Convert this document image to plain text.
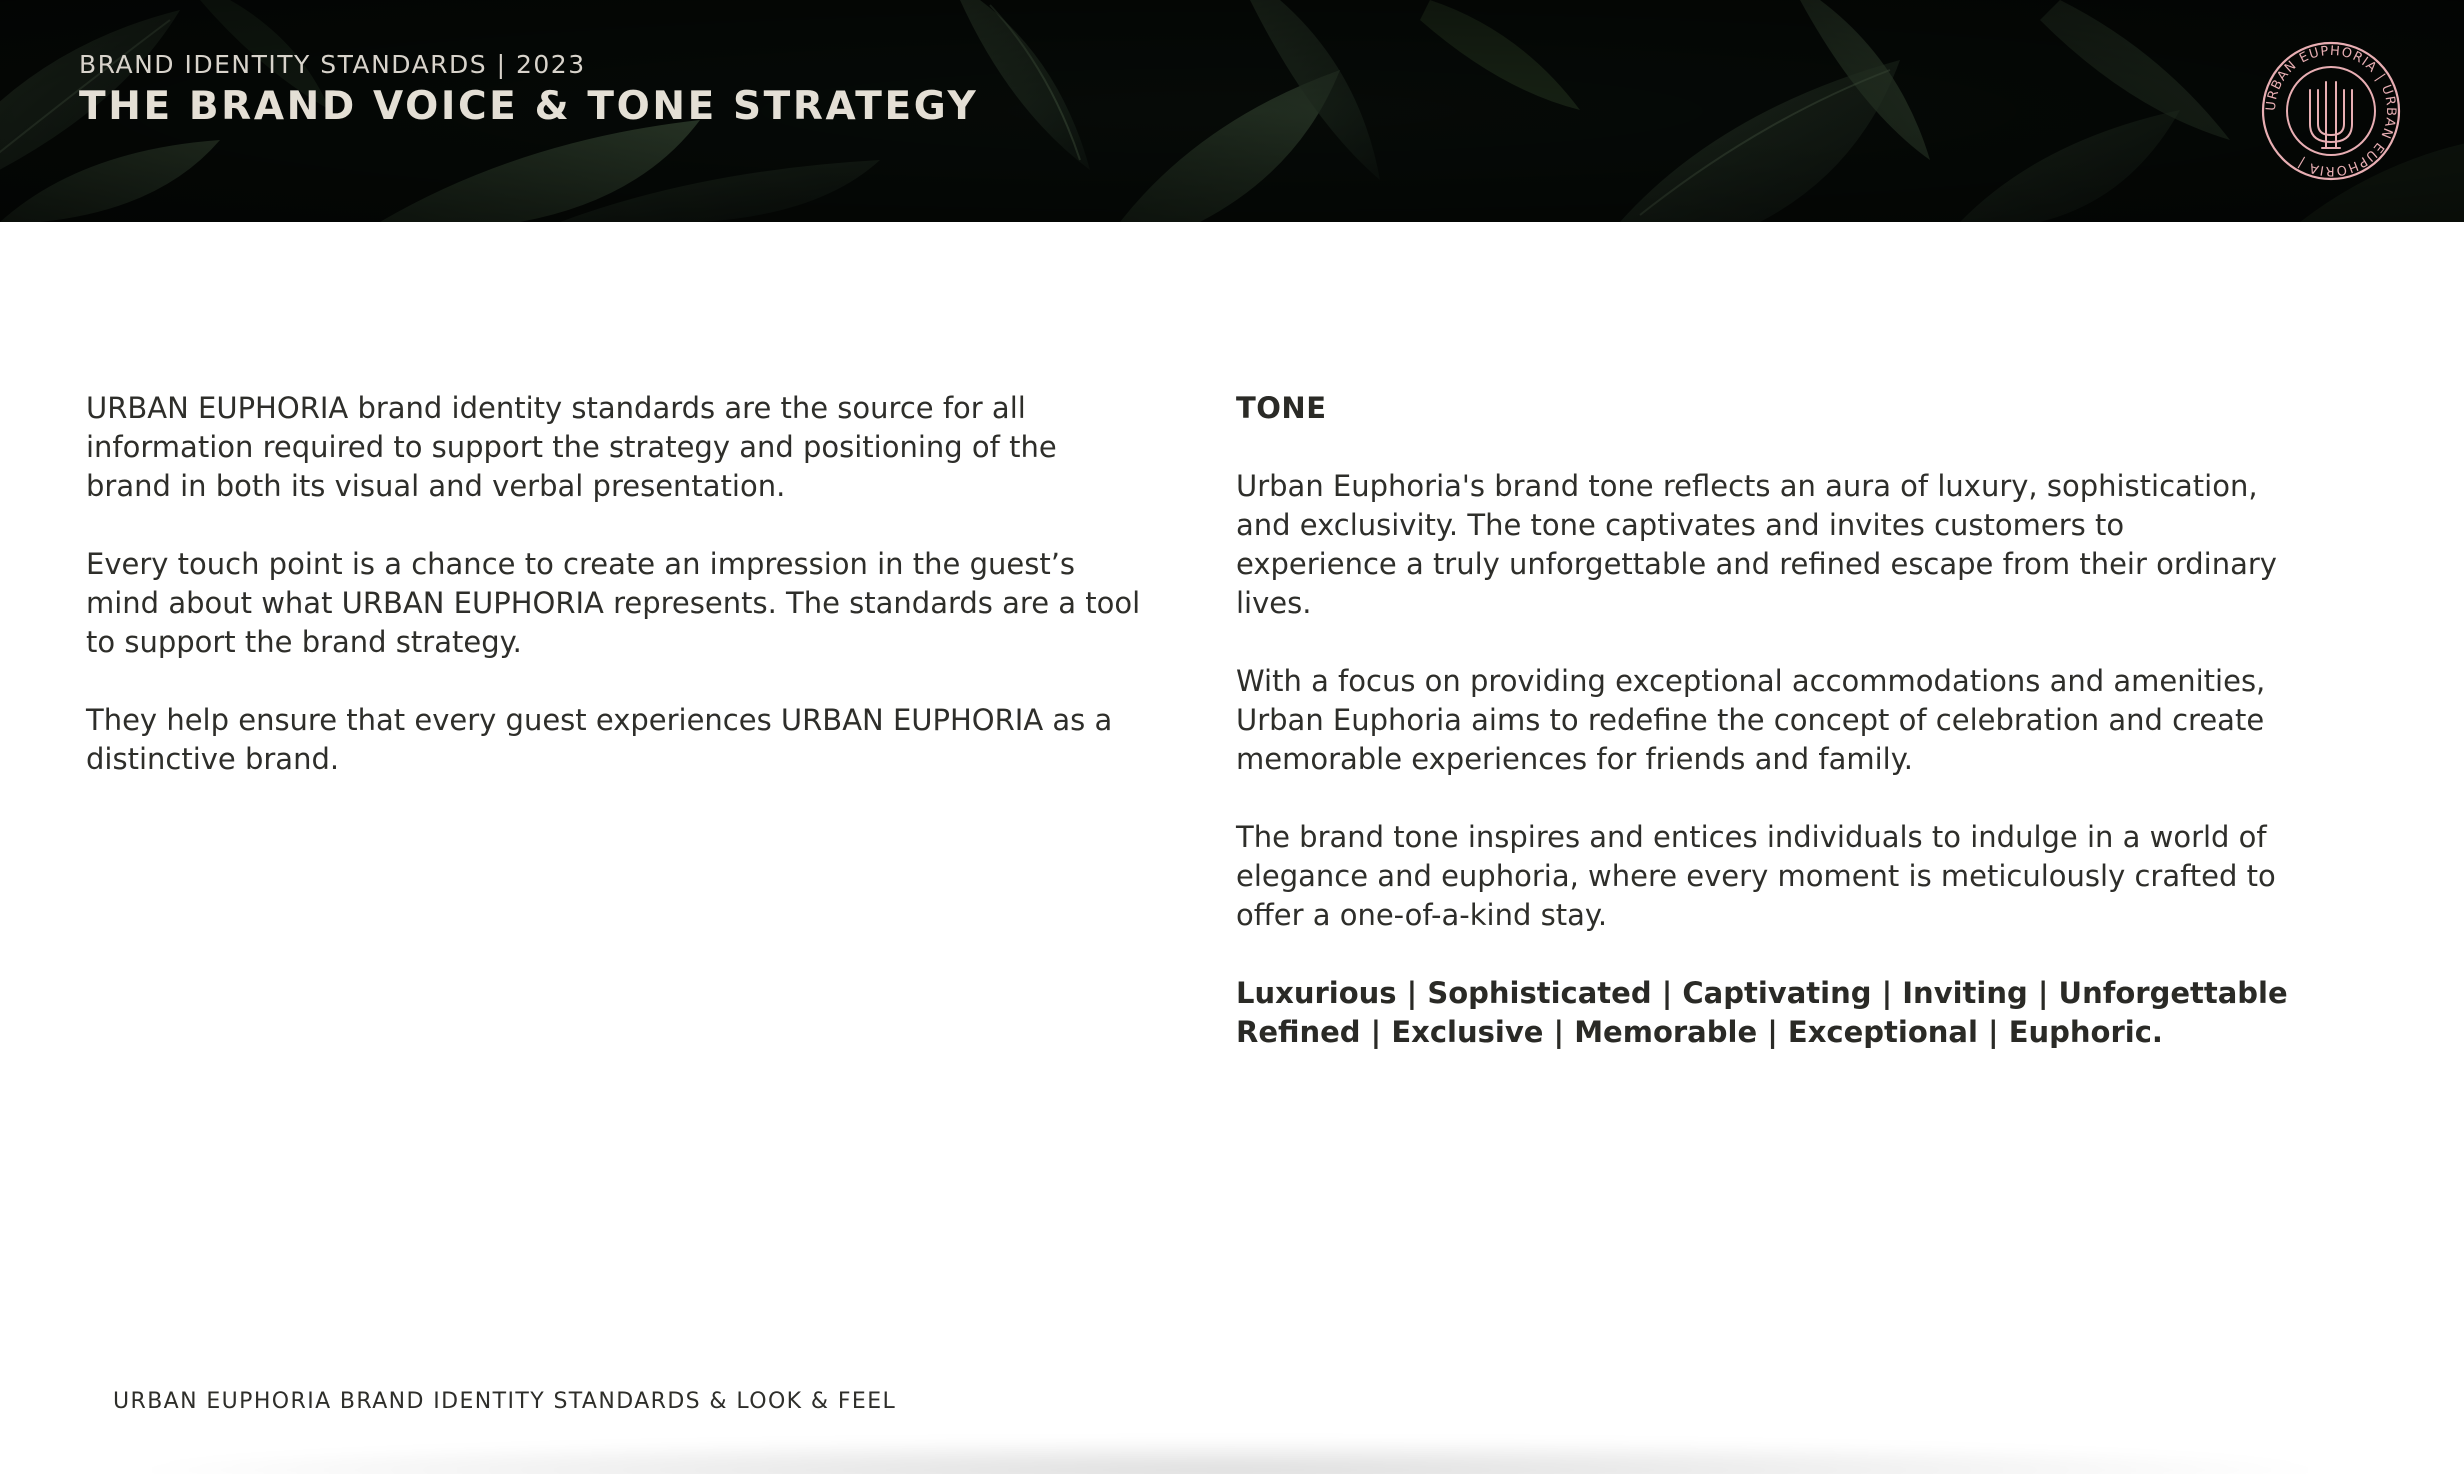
BRAND IDENTITY STANDARDS | 2023
THE BRAND VOICE & TONE STRATEGY	URBAN EUPHORIA | URBAN EUPHORIA |

URBAN EUPHORIA brand identity standards are the source for all
information required to support the strategy and positioning of the
brand in both its visual and verbal presentation.

Every touch point is a chance to create an impression in the guest’s
mind about what URBAN EUPHORIA represents. The standards are a tool
to support the brand strategy.

They help ensure that every guest experiences URBAN EUPHORIA as a
distinctive brand.

TONE

Urban Euphoria's brand tone reflects an aura of luxury, sophistication,
and exclusivity. The tone captivates and invites customers to
experience a truly unforgettable and refined escape from their ordinary
lives.

With a focus on providing exceptional accommodations and amenities,
Urban Euphoria aims to redefine the concept of celebration and create
memorable experiences for friends and family.

The brand tone inspires and entices individuals to indulge in a world of
elegance and euphoria, where every moment is meticulously crafted to
offer a one-of-a-kind stay.

Luxurious | Sophisticated | Captivating | Inviting | Unforgettable
Refined | Exclusive | Memorable | Exceptional | Euphoric.

URBAN EUPHORIA BRAND IDENTITY STANDARDS & LOOK & FEEL
